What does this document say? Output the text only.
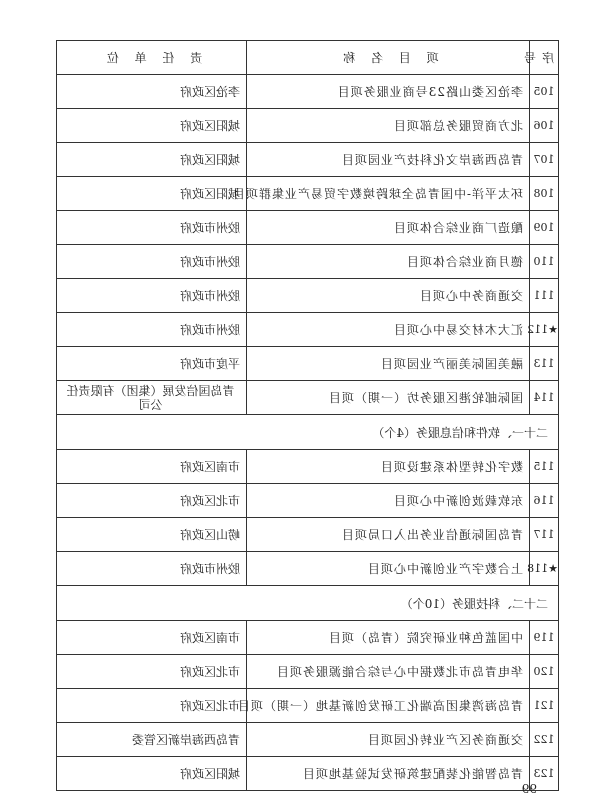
序号	项 目 名 称	责 任 单 位
105	李沧区娄山路23号商业服务项目	李沧区政府
106	北方商贸服务总部项目	城阳区政府
107	青岛西海岸文化科技产业园项目	城阳区政府
108	环太平洋-中国青岛全球跨境数字贸易产业集群项目	城阳区政府
109	酿造厂商业综合体项目	胶州市政府
110	德月商业综合体项目	胶州市政府
111	交通商务中心项目	胶州市政府
★112	汇大木材交易中心项目	胶州市政府
113	融美国际美丽产业园项目	平度市政府
114	国际邮轮港区服务坊（一期）项目	青岛国信发展（集团）有限责任公司
二十一、软件和信息服务（4个）		
115	数字化转型体系建设项目	市南区政府
116	东软载波创新中心项目	市北区政府
117	青岛国际通信业务出入口局项目	崂山区政府
★118	上合数字产业创新中心项目	胶州市政府
二十二、科技服务（10个）		
119	中国蓝色种业研究院（青岛）项目	市南区政府
120	华电青岛市北数据中心与综合能源服务项目	市北区政府
121	青岛海湾集团高端化工研发创新基地（一期）项目	市北区政府
122	交通商务区产业转化园项目	青岛西海岸新区管委
123	青岛智能化装配建筑研发试验基地项目	城阳区政府
99
